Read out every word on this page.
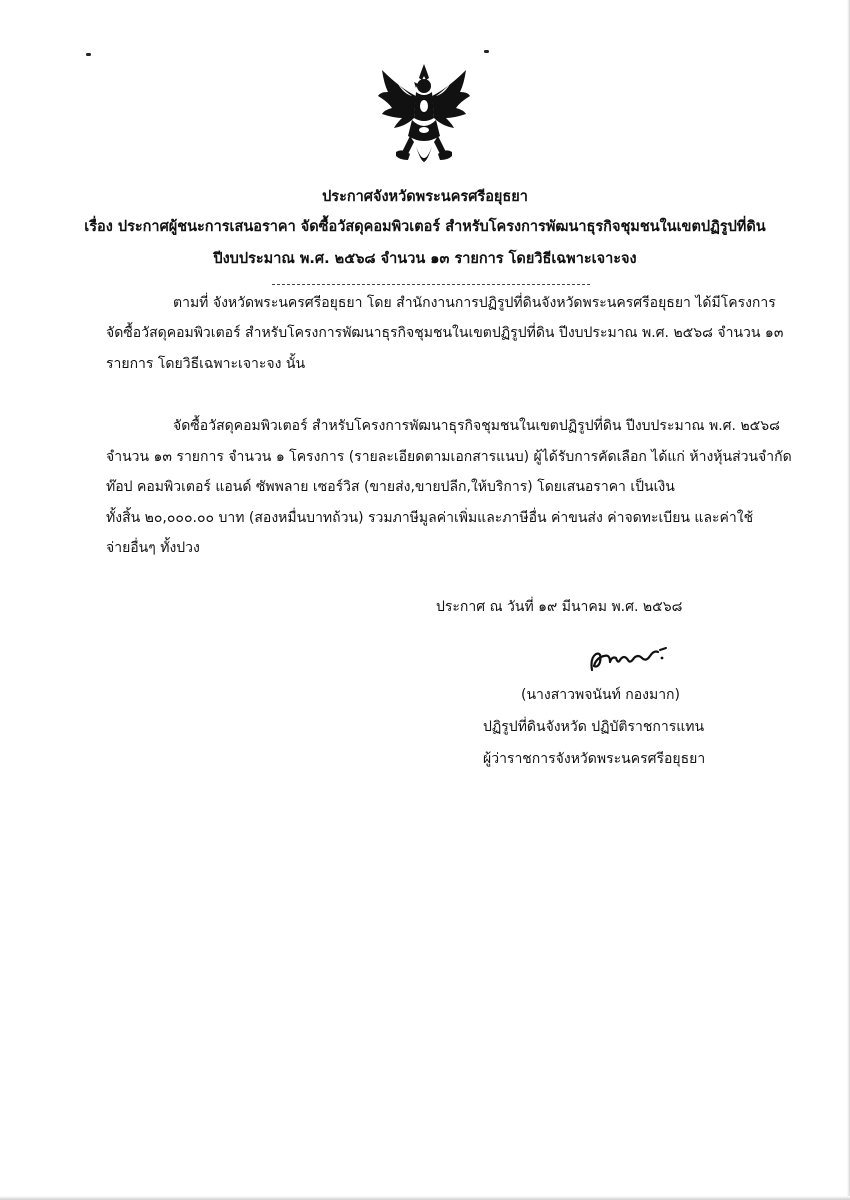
ประกาศจังหวัดพระนครศรีอยุธยา
เรื่อง ประกาศผู้ชนะการเสนอราคา จัดซื้อวัสดุคอมพิวเตอร์ สำหรับโครงการพัฒนาธุรกิจชุมชนในเขตปฏิรูปที่ดิน
ปีงบประมาณ พ.ศ. ๒๕๖๘ จำนวน ๑๓ รายการ โดยวิธีเฉพาะเจาะจง
ตามที่ จังหวัดพระนครศรีอยุธยา โดย สำนักงานการปฏิรูปที่ดินจังหวัดพระนครศรีอยุธยา ได้มีโครงการ
จัดซื้อวัสดุคอมพิวเตอร์ สำหรับโครงการพัฒนาธุรกิจชุมชนในเขตปฏิรูปที่ดิน ปีงบประมาณ พ.ศ. ๒๕๖๘ จำนวน ๑๓
รายการ โดยวิธีเฉพาะเจาะจง นั้น
จัดซื้อวัสดุคอมพิวเตอร์ สำหรับโครงการพัฒนาธุรกิจชุมชนในเขตปฏิรูปที่ดิน ปีงบประมาณ พ.ศ. ๒๕๖๘
จำนวน ๑๓ รายการ จำนวน ๑ โครงการ (รายละเอียดตามเอกสารแนบ) ผู้ได้รับการคัดเลือก ได้แก่ ห้างหุ้นส่วนจำกัด
ท๊อป คอมพิวเตอร์ แอนด์ ซัพพลาย เซอร์วิส (ขายส่ง,ขายปลีก,ให้บริการ) โดยเสนอราคา เป็นเงิน
ทั้งสิ้น ๒๐,๐๐๐.๐๐ บาท (สองหมื่นบาทถ้วน) รวมภาษีมูลค่าเพิ่มและภาษีอื่น ค่าขนส่ง ค่าจดทะเบียน และค่าใช้
จ่ายอื่นๆ ทั้งปวง
ประกาศ ณ วันที่ ๑๙ มีนาคม พ.ศ. ๒๕๖๘
(นางสาวพจนันท์ กองมาก)
ปฏิรูปที่ดินจังหวัด ปฏิบัติราชการแทน
ผู้ว่าราชการจังหวัดพระนครศรีอยุธยา
